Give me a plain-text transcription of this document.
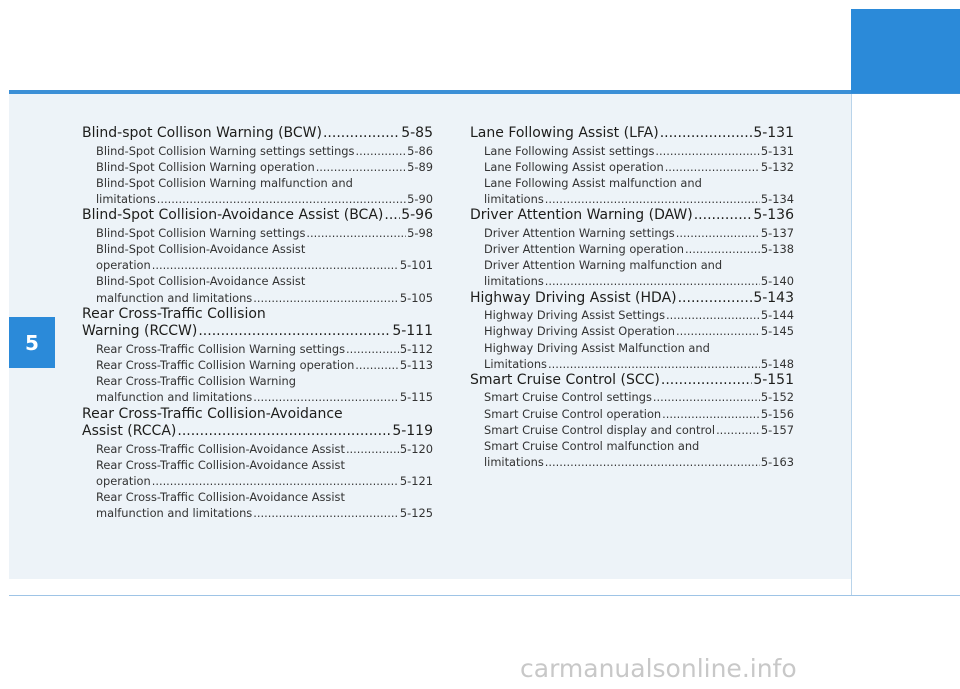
5
Blind-spot Collison Warning (BCW) .....	5-85
Blind-Spot Collision Warning settings settings .....	5-86
Blind-Spot Collision Warning operation .....	5-89
Blind-Spot Collision Warning malfunction and
limitations .....	5-90
Blind-Spot Collision-Avoidance Assist (BCA) ..... 5-96
Blind-Spot Collision Warning settings .....	5-98
Blind-Spot Collision-Avoidance Assist
operation .....	5-101
Blind-Spot Collision-Avoidance Assist
malfunction and limitations .....	5-105
Rear Cross-Traffic Collision
Warning (RCCW) .....	5-111
Rear Cross-Traffic Collision Warning settings .....	5-112
Rear Cross-Traffic Collision Warning operation .....	5-113
Rear Cross-Traffic Collision Warning
malfunction and limitations .....	5-115
Rear Cross-Traffic Collision-Avoidance
Assist (RCCA) .....	5-119
Rear Cross-Traffic Collision-Avoidance Assist .....	5-120
Rear Cross-Traffic Collision-Avoidance Assist
operation .....	5-121
Rear Cross-Traffic Collision-Avoidance Assist
malfunction and limitations .....	5-125
Lane Following Assist (LFA) .....	5-131
Lane Following Assist settings .....	5-131
Lane Following Assist operation .....	5-132
Lane Following Assist malfunction and
limitations .....	5-134
Driver Attention Warning (DAW) .....	5-136
Driver Attention Warning settings .....	5-137
Driver Attention Warning operation .....	5-138
Driver Attention Warning malfunction and
limitations .....	5-140
Highway Driving Assist (HDA) .....	5-143
Highway Driving Assist Settings .....	5-144
Highway Driving Assist Operation .....	5-145
Highway Driving Assist Malfunction and
Limitations .....	5-148
Smart Cruise Control (SCC) .....	5-151
Smart Cruise Control settings .....	5-152
Smart Cruise Control operation .....	5-156
Smart Cruise Control display and control .....	5-157
Smart Cruise Control malfunction and
limitations .....	5-163
carmanualsonline.info
